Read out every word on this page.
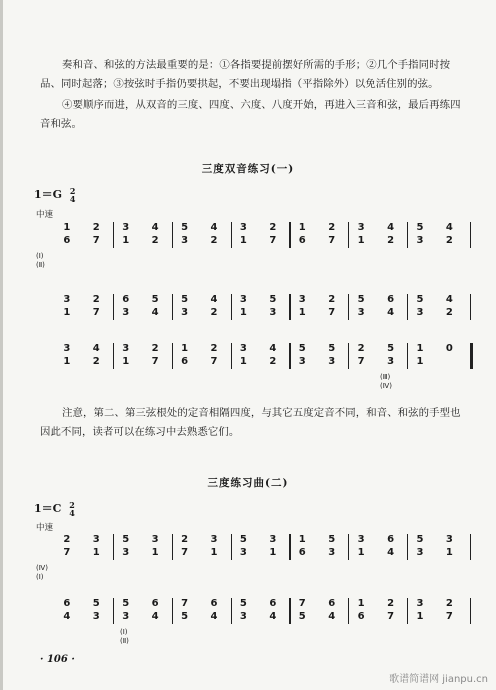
奏和音、和弦的方法最重要的是：①各指要提前摆好所需的手形；②几个手指同时按品、同时起落；③按弦时手指仍要拱起，不要出现塌指（平指除外）以免活住别的弦。

④要顺序而进，从双音的三度、四度、六度、八度开始，再进入三音和弦，最后再练四音和弦。

三度双音练习(一)
1＝G 2
4
中速
1
6
2
7
3
1
4
2
5
3
4
2
3
1
2
7
1
6
2
7
3
1
4
2
5
3
4
2
(Ⅰ)
(Ⅱ)
3
1
2
7
6
3
5
4
5
3
4
2
3
1
5
3
3
1
2
7
5
3
6
4
5
3
4
2
3
1
4
2
3
1
2
7
1
6
2
7
3
1
4
2
5
3
5
3
2
7
5
3
1
1
0
(Ⅲ)
(Ⅳ)

注意，第二、第三弦根处的定音相隔四度，与其它五度定音不同，和音、和弦的手型也因此不同，读者可以在练习中去熟悉它们。

三度练习曲(二)
1＝C 2
4
中速
2
7
3
1
5
3
3
1
2
7
3
1
5
3
3
1
1
6
5
3
3
1
6
4
5
3
3
1
(Ⅳ)
(Ⅰ)
6
4
5
3
5
3
6
4
7
5
6
4
5
3
6
4
7
5
6
4
1
6
2
7
3
1
2
7
(Ⅰ)
(Ⅱ)
· 106 ·
歌谱简谱网 jianpu.cn
